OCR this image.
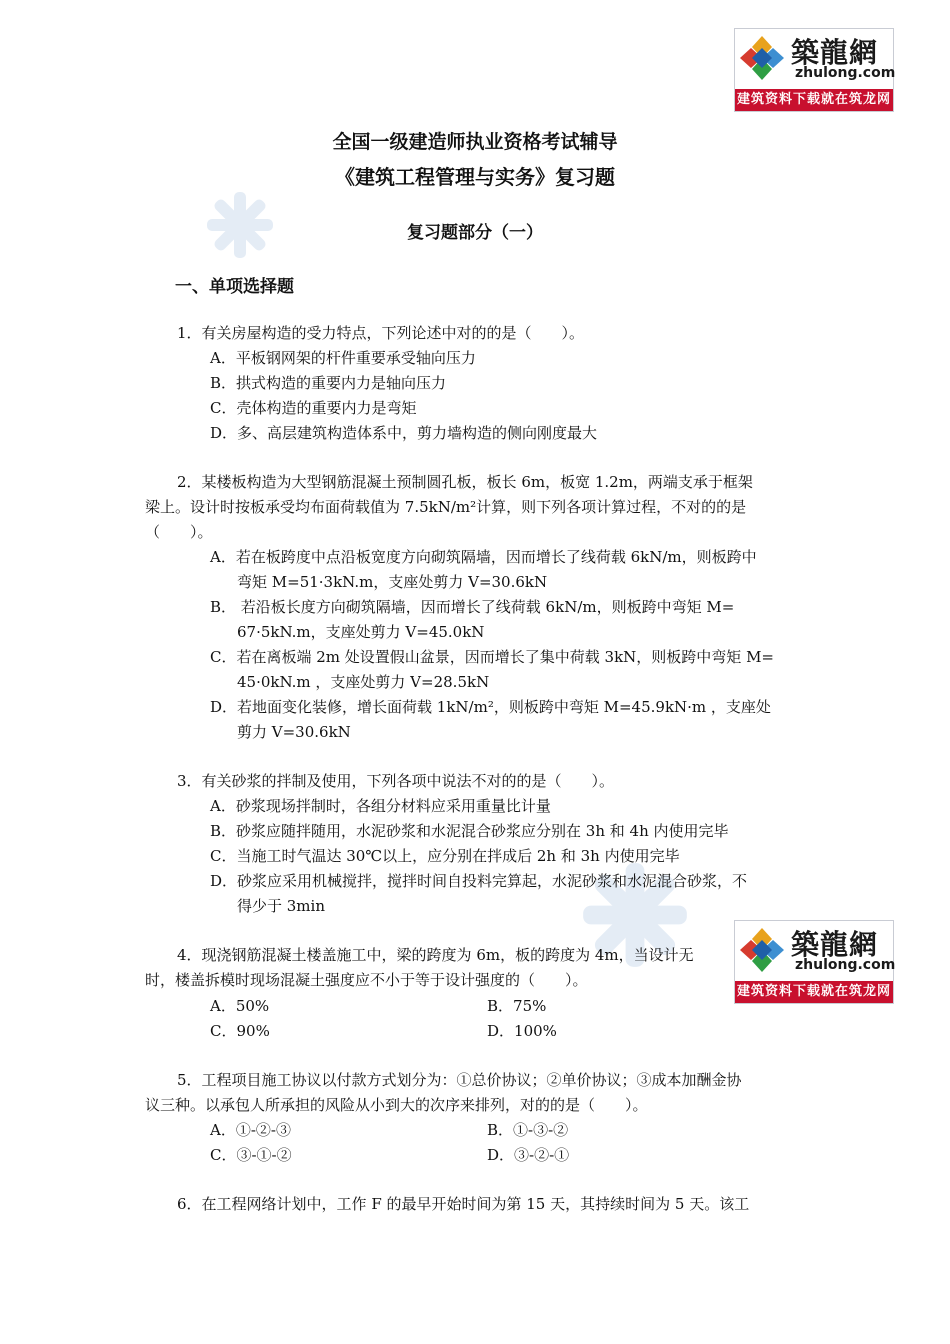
築龍網
zhulong.com
建筑资料下载就在筑龙网
築龍網
zhulong.com
建筑资料下载就在筑龙网
全国一级建造师执业资格考试辅导
《建筑工程管理与实务》复习题
复习题部分（一）
一、单项选择题
1．有关房屋构造的受力特点，下列论述中对的的是（　　）。
A．平板钢网架的杆件重要承受轴向压力
B．拱式构造的重要内力是轴向压力
C．壳体构造的重要内力是弯矩
D．多、高层建筑构造体系中，剪力墙构造的侧向刚度最大
2．某楼板构造为大型钢筋混凝土预制圆孔板，板长 6m，板宽 1.2m，两端支承于框架
梁上。设计时按板承受均布面荷载值为 7.5kN/m²计算，则下列各项计算过程，不对的的是
（　　）。
A．若在板跨度中点沿板宽度方向砌筑隔墙，因而增长了线荷载 6kN/m，则板跨中
弯矩 M=51·3kN.m，支座处剪力 V=30.6kN
B． 若沿板长度方向砌筑隔墙，因而增长了线荷载 6kN/m，则板跨中弯矩 M=
67·5kN.m，支座处剪力 V=45.0kN
C．若在离板端 2m 处设置假山盆景，因而增长了集中荷载 3kN，则板跨中弯矩 M=
45·0kN.m ，支座处剪力 V=28.5kN
D．若地面变化装修，增长面荷载 1kN/m²，则板跨中弯矩 M=45.9kN·m ，支座处
剪力 V=30.6kN
3．有关砂浆的拌制及使用，下列各项中说法不对的的是（　　）。
A．砂浆现场拌制时，各组分材料应采用重量比计量
B．砂浆应随拌随用，水泥砂浆和水泥混合砂浆应分别在 3h 和 4h 内使用完毕
C．当施工时气温达 30℃以上，应分别在拌成后 2h 和 3h 内使用完毕
D．砂浆应采用机械搅拌，搅拌时间自投料完算起，水泥砂浆和水泥混合砂浆，不
得少于 3min
4．现浇钢筋混凝土楼盖施工中，梁的跨度为 6m，板的跨度为 4m，当设计无
时，楼盖拆模时现场混凝土强度应不小于等于设计强度的（　　）。
A．50%	B．75%
C．90%	D．100%
5．工程项目施工协议以付款方式划分为：①总价协议；②单价协议；③成本加酬金协
议三种。以承包人所承担的风险从小到大的次序来排列，对的的是（　　）。
A．①-②-③	B．①-③-②
C．③-①-②	D．③-②-①
6．在工程网络计划中，工作 F 的最早开始时间为第 15 天，其持续时间为 5 天。该工
